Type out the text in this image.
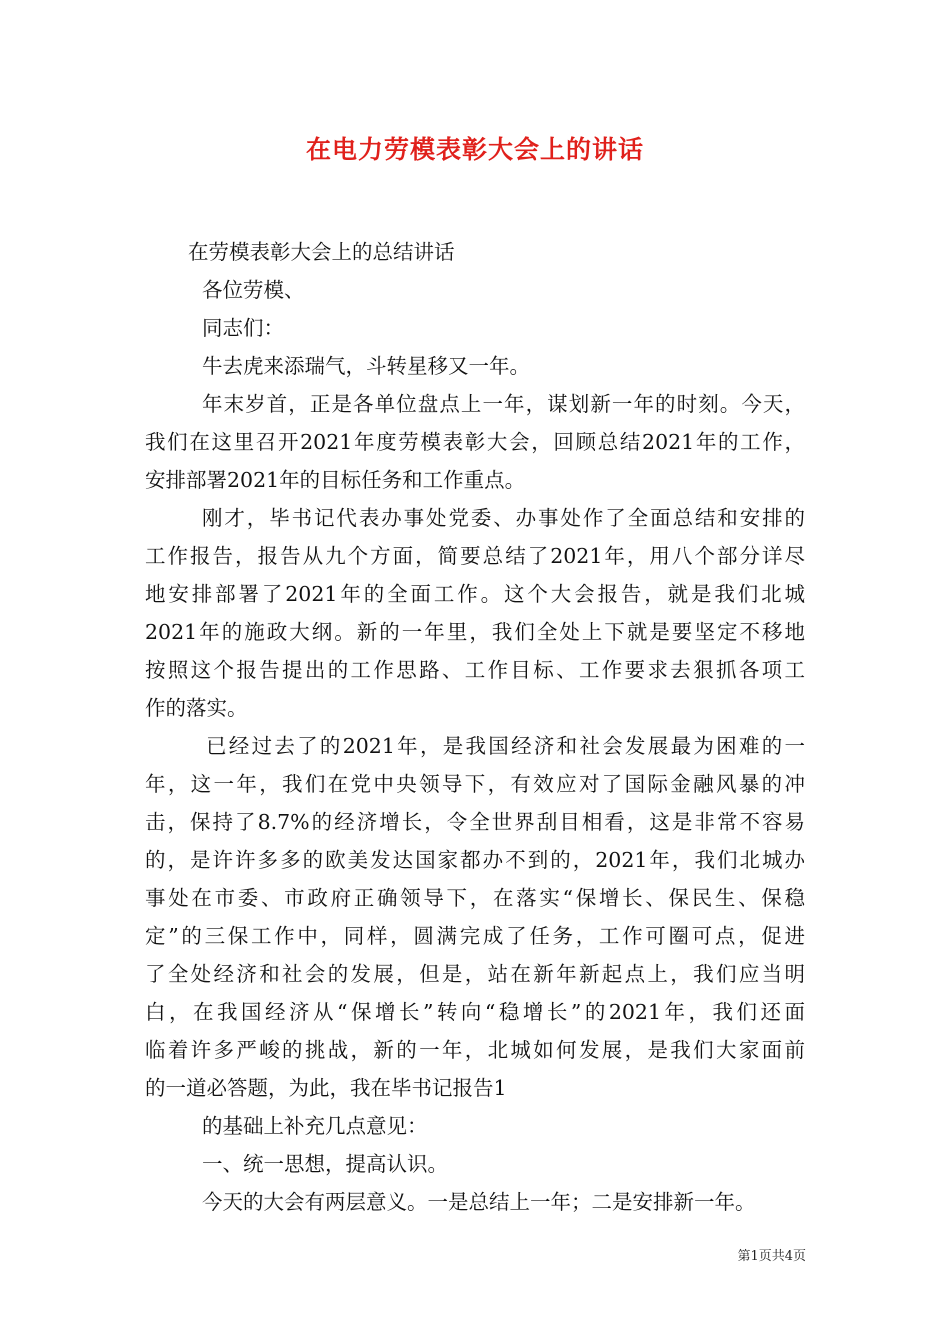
在电力劳模表彰大会上的讲话
在劳模表彰大会上的总结讲话
各位劳模、
同志们：
牛去虎来添瑞气，斗转星移又一年。
年末岁首，正是各单位盘点上一年，谋划新一年的时刻。今天，
我们在这里召开2021年度劳模表彰大会，回顾总结2021年的工作，
安排部署2021年的目标任务和工作重点。
刚才，毕书记代表办事处党委、办事处作了全面总结和安排的
工作报告，报告从九个方面，简要总结了2021年，用八个部分详尽
地安排部署了2021年的全面工作。这个大会报告，就是我们北城
2021年的施政大纲。新的一年里，我们全处上下就是要坚定不移地
按照这个报告提出的工作思路、工作目标、工作要求去狠抓各项工
作的落实。
已经过去了的2021年，是我国经济和社会发展最为困难的一
年，这一年，我们在党中央领导下，有效应对了国际金融风暴的冲
击，保持了8.7%的经济增长，令全世界刮目相看，这是非常不容易
的，是许许多多的欧美发达国家都办不到的，2021年，我们北城办
事处在市委、市政府正确领导下，在落实“保增长、保民生、保稳
定”的三保工作中，同样，圆满完成了任务，工作可圈可点，促进
了全处经济和社会的发展，但是，站在新年新起点上，我们应当明
白，在我国经济从“保增长”转向“稳增长”的2021年，我们还面
临着许多严峻的挑战，新的一年，北城如何发展，是我们大家面前
的一道必答题，为此，我在毕书记报告1
的基础上补充几点意见：
一、统一思想，提高认识。
今天的大会有两层意义。一是总结上一年；二是安排新一年。
第1页共4页
